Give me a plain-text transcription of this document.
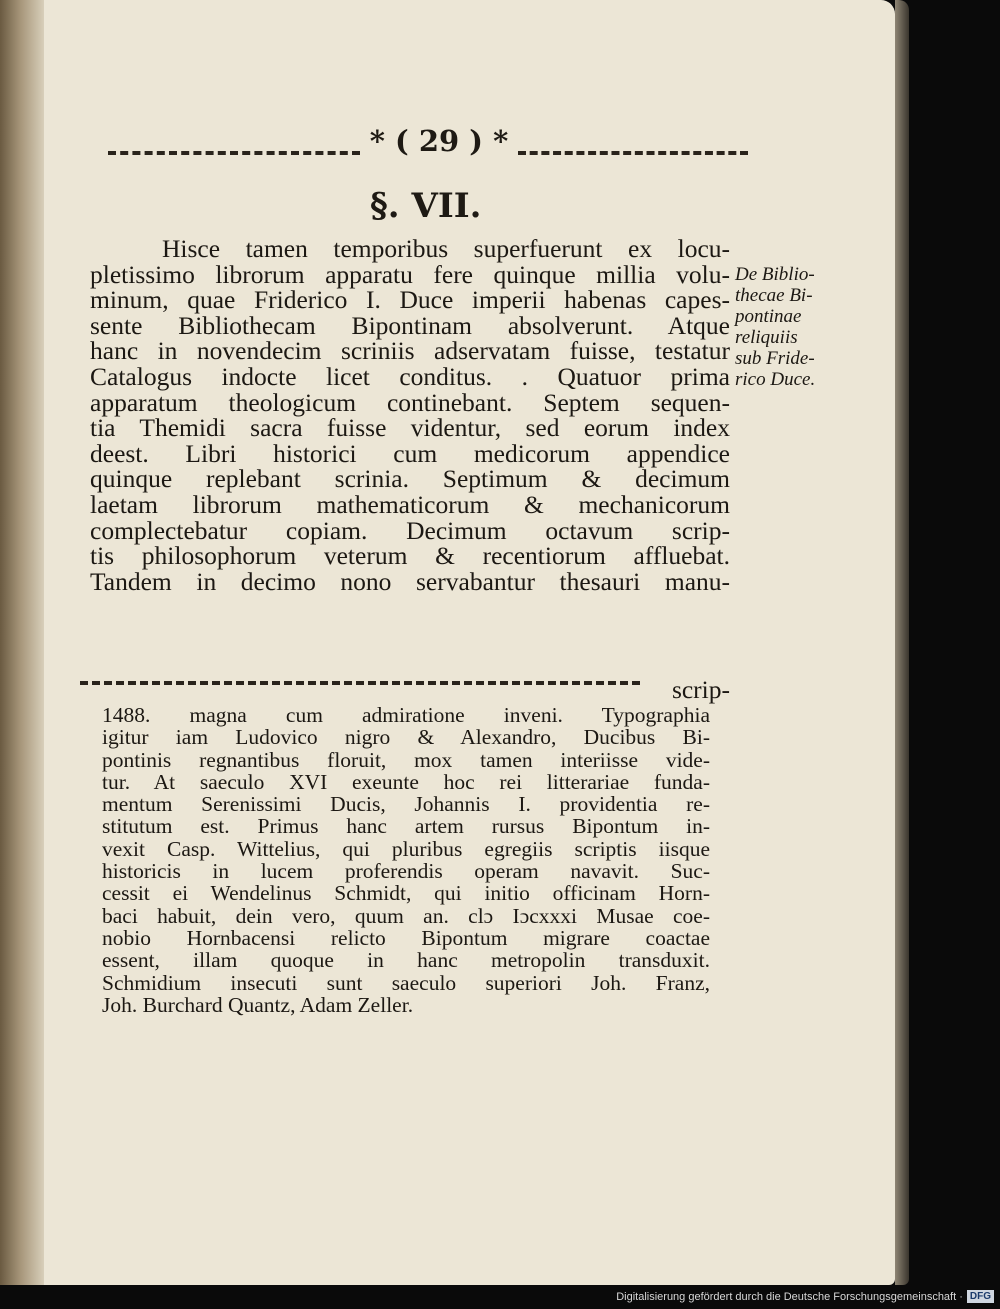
* ( 29 ) *
§. VII.
Hisce tamen temporibus superfuerunt ex locu-
pletissimo librorum apparatu fere quinque millia volu-
minum, quae Friderico I. Duce imperii habenas capes-
sente Bibliothecam Bipontinam absolverunt. Atque
hanc in novendecim scriniis adservatam fuisse, testatur
Catalogus indocte licet conditus. . Quatuor prima
apparatum theologicum continebant. Septem sequen-
tia Themidi sacra fuisse videntur, sed eorum index
deest. Libri historici cum medicorum appendice
quinque replebant scrinia. Septimum & decimum
laetam librorum mathematicorum & mechanicorum
complectebatur copiam. Decimum octavum scrip-
tis philosophorum veterum & recentiorum affluebat.
Tandem in decimo nono servabantur thesauri manu-
De Biblio-
thecae Bi-
pontinae
reliquiis
sub Fride-
rico Duce.
scrip-
1488. magna cum admiratione inveni. Typographia
igitur iam Ludovico nigro & Alexandro, Ducibus Bi-
pontinis regnantibus floruit, mox tamen interiisse vide-
tur. At saeculo XVI exeunte hoc rei litterariae funda-
mentum Serenissimi Ducis, Johannis I. providentia re-
stitutum est. Primus hanc artem rursus Bipontum in-
vexit Casp. Wittelius, qui pluribus egregiis scriptis iisque
historicis in lucem proferendis operam navavit. Suc-
cessit ei Wendelinus Schmidt, qui initio officinam Horn-
baci habuit, dein vero, quum an. clɔ Iɔcxxxi Musae coe-
nobio Hornbacensi relicto Bipontum migrare coactae
essent, illam quoque in hanc metropolin transduxit.
Schmidium insecuti sunt saeculo superiori Joh. Franz,
Joh. Burchard Quantz, Adam Zeller.
Digitalisierung gefördert durch die Deutsche Forschungsgemeinschaft · DFG
